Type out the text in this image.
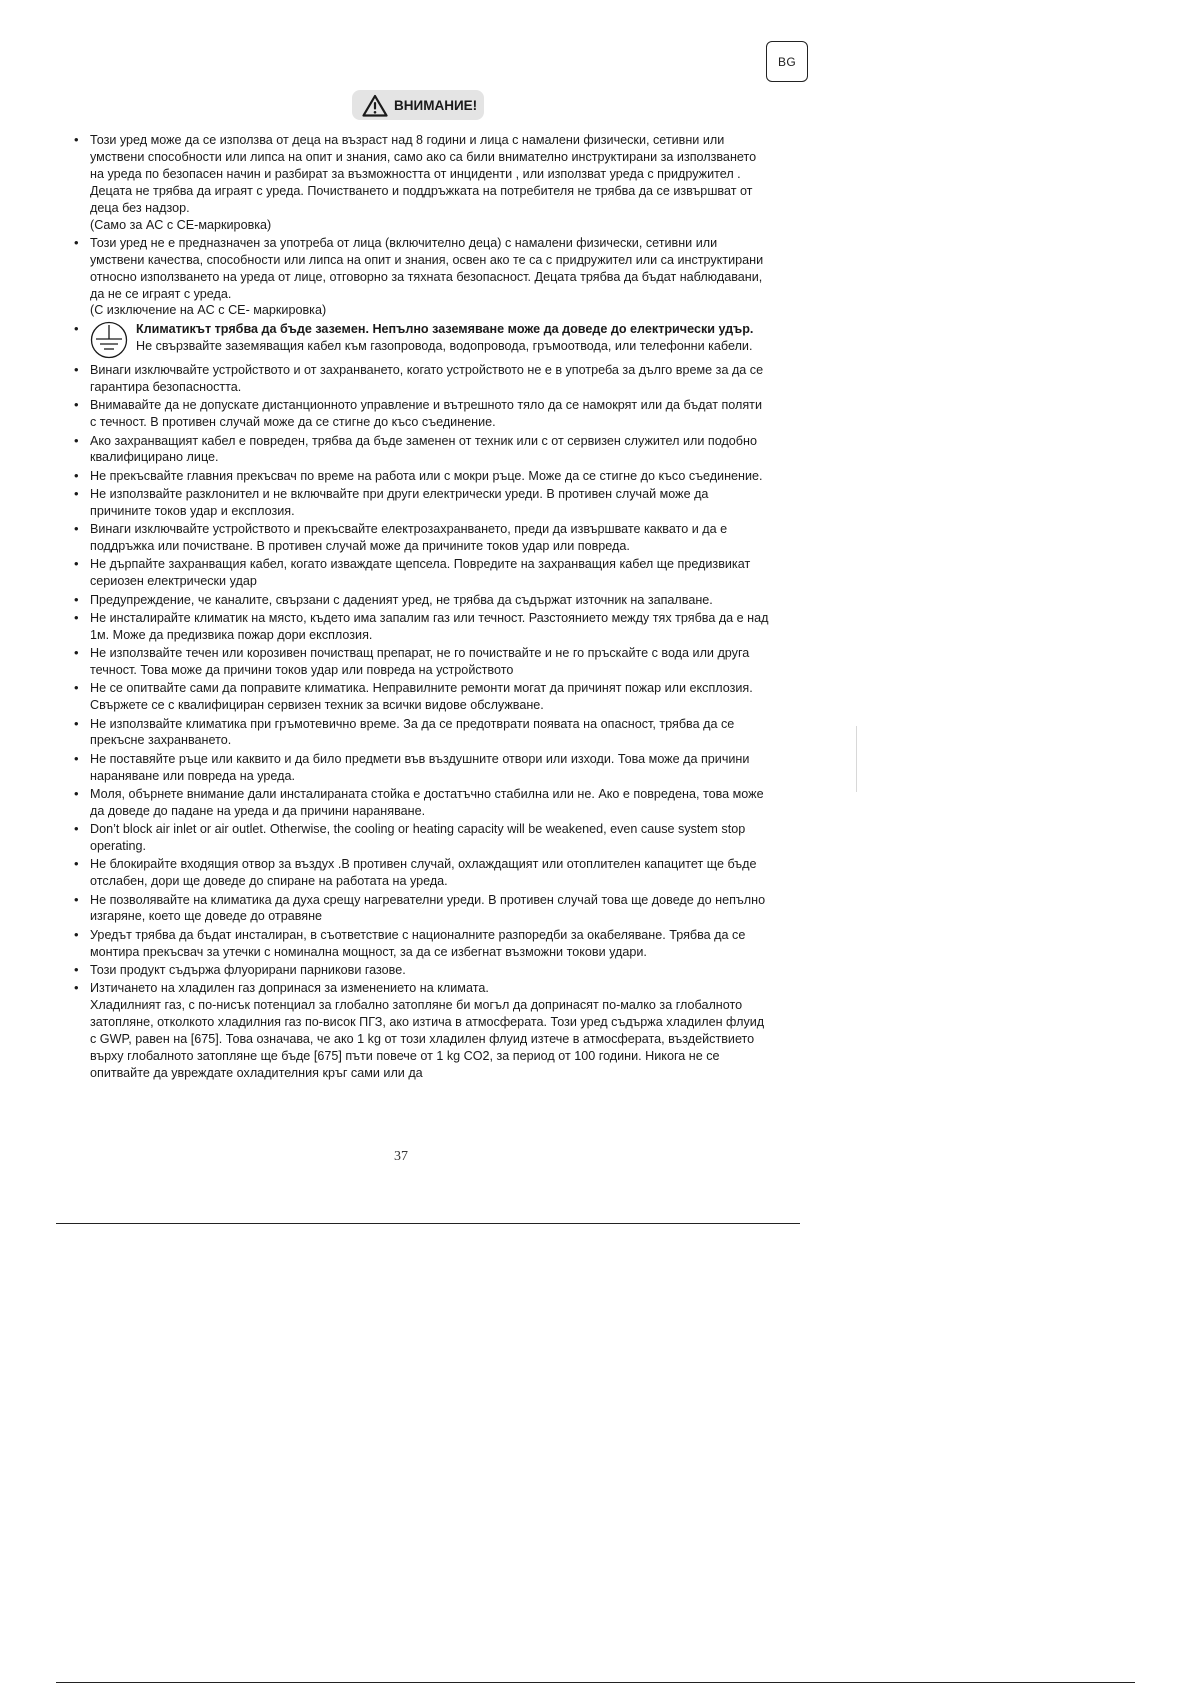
BG
ВНИМАНИЕ!
• Този уред може да се използва от деца на възраст над 8 години и лица с намалени физически, сетивни или умствени способности или липса на опит и знания, само ако са били внимателно инструктирани за използването на уреда по безопасен начин и разбират за възможността от инциденти , или използват уреда с придружител . Децата не трябва да играят с уреда. Почистването и поддръжката на потребителя не трябва да се извършват от деца без надзор.
(Само за AC с CE-маркировка)
• Този уред не е предназначен за употреба от лица (включително деца) с намалени физически, сетивни или умствени качества, способности или липса на опит и знания, освен ако те са с придружител или са инструктирани относно използването на уреда от лице, отговорно за тяхната безопасност. Децата трябва да бъдат наблюдавани, да не се играят с уреда.
(С изключение на AC с CE- маркировка)
• Климатикът трябва да бъде заземен. Непълно заземяване може да доведе до електрически удър. Не свързвайте заземяващия кабел към газопровода, водопровода, гръмоотвода, или телефонни кабели.
• Винаги изключвайте устройството и от захранването, когато устройството не е в употреба за дълго време за да се гарантира безопасността.
• Внимавайте да не допускате дистанционното управление и вътрешното тяло да се намокрят или да бъдат поляти с течност. В противен случай може да се стигне до късо съединение.
• Ако захранващият кабел е повреден, трябва да бъде заменен от техник или с от сервизен служител или подобно квалифицирано лице.
• Не прекъсвайте главния прекъсвач по време на работа или с мокри ръце. Може да се стигне до късо съединение.
• Не използвайте разклонител и не включвайте при други електрически уреди. В противен случай може да причините токов удар и експлозия.
• Винаги изключвайте устройството и прекъсвайте електрозахранването, преди да извършвате каквато и да е поддръжка или почистване. В противен случай може да причините токов удар или повреда.
• Не дърпайте захранващия кабел, когато изваждате щепсела. Повредите на захранващия кабел ще предизвикат сериозен електрически удар
• Предупреждение, че каналите, свързани с даденият уред, не трябва да съдържат източник на запалване.
• Не инсталирайте климатик на място, където има запалим газ или течност. Разстоянието между тях трябва да е над 1м. Може да предизвика пожар дори експлозия.
• Не използвайте течен или корозивен почистващ препарат, не го почиствайте и не го пръскайте с вода или друга течност. Това може да причини токов удар или повреда на устройството
• Не се опитвайте сами да поправите климатика. Неправилните ремонти могат да причинят пожар или експлозия. Свържете се с квалифициран сервизен техник за всички видове обслужване.
• Не използвайте климатика при гръмотевично време. За да се предотврати появата на опасност, трябва да се прекъсне захранването.
• Не поставяйте ръце или каквито и да било предмети във въздушните отвори или изходи. Това може да причини нараняване или повреда на уреда.
• Моля, обърнете внимание дали инсталираната стойка е достатъчно стабилна или не. Ако е повредена, това може да доведе до падане на уреда и да причини нараняване.
• Don’t block air inlet or air outlet. Otherwise, the cooling or heating capacity will be weakened, even cause system stop operating.
• Не блокирайте входящия отвор за въздух .В противен случай, охлаждащият или отоплителен капацитет ще бъде отслабен, дори ще доведе до спиране на работата на уреда.
• Не позволявайте на климатика да духа срещу нагревателни уреди. В противен случай това ще доведе до непълно изгаряне, което ще доведе до отравяне
• Уредът трябва да бъдат инсталиран, в съответствие с националните разпоредби за окабеляване. Трябва да се монтира прекъсвач за утечки с номинална мощност, за да се избегнат възможни токови удари.
• Този продукт съдържа флуорирани парникови газове.
• Изтичането на хладилен газ допринася за изменението на климата.
Хладилният газ, с по-нисък потенциал за глобално затопляне би могъл да допринасят по-малко за глобалното затопляне, отколкото хладилния газ по-висок ПГЗ, ако изтича в атмосферата. Този уред съдържа хладилен флуид с GWP, равен на [675]. Това означава, че ако 1 kg от този хладилен флуид изтече в атмосферата, въздействието върху глобалното затопляне ще бъде [675] пъти повече от 1 kg CO2, за период от 100 години. Никога не се опитвайте да увреждате охладителния кръг сами или да
37
